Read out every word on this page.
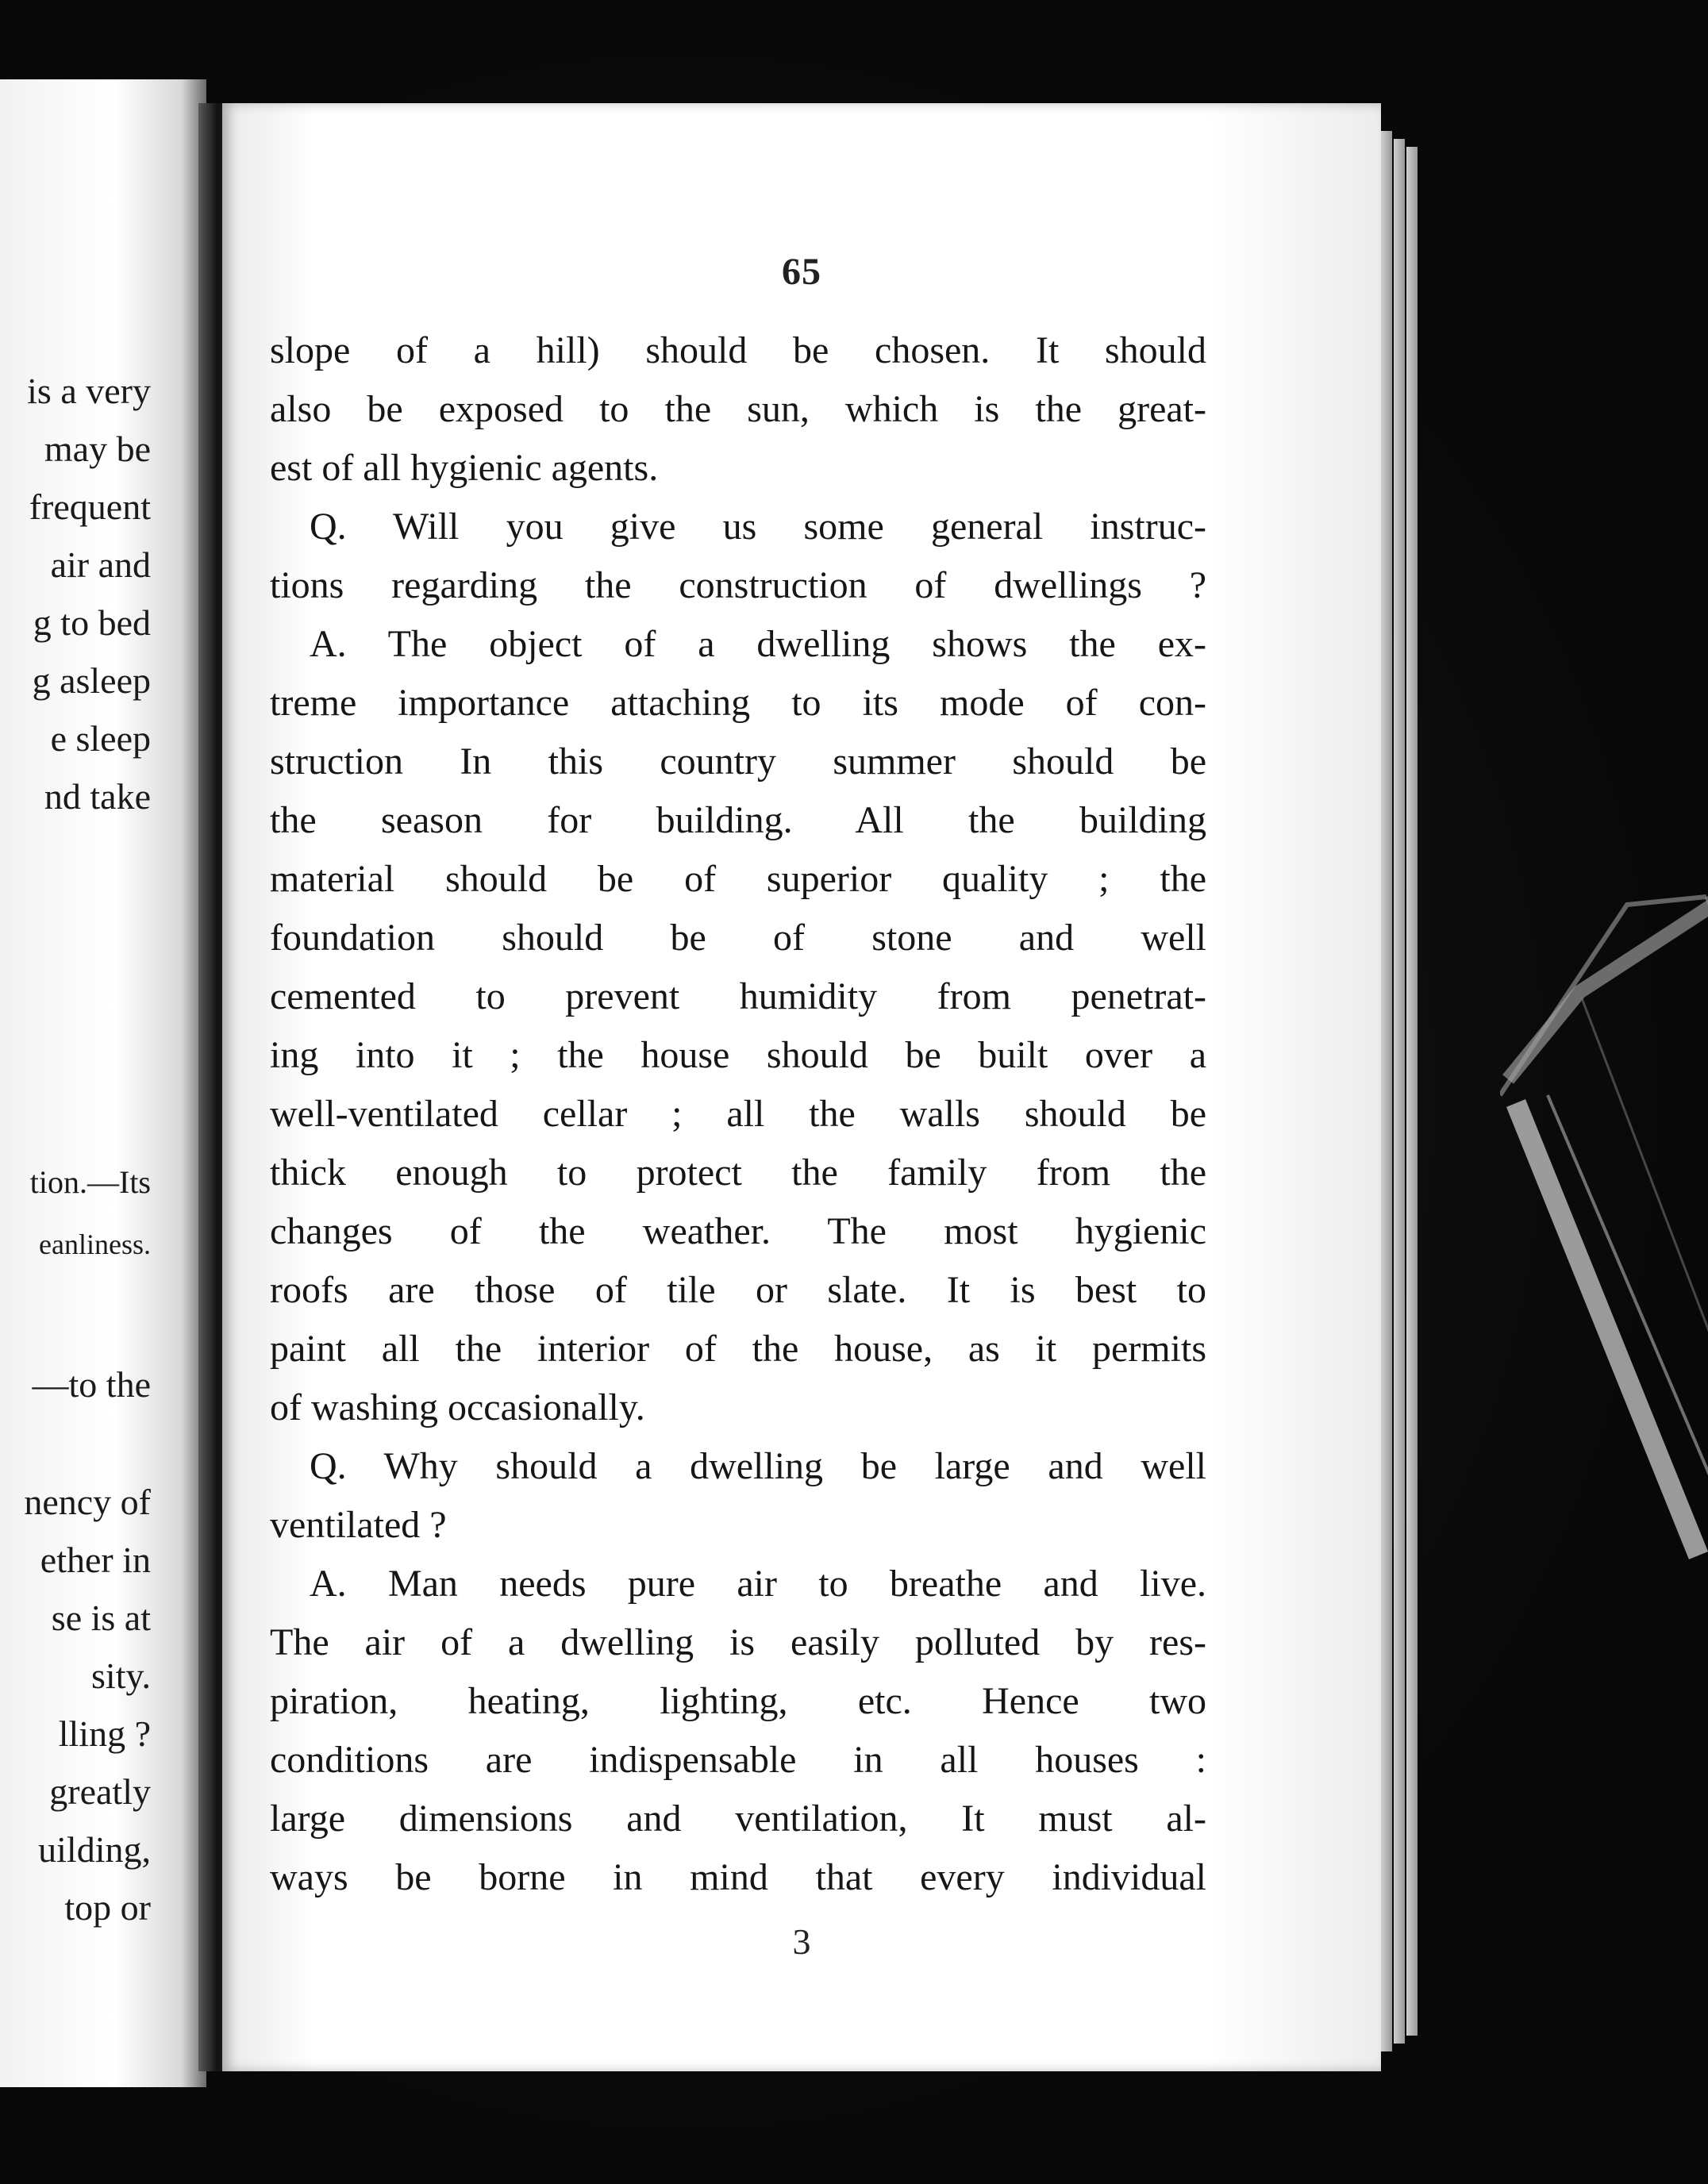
is a very
may be
frequent
air and
g to bed
g asleep
e sleep
nd take
tion.—Its
eanliness.
—to the
nency of
ether in
se is at
sity.
lling ?
greatly
uilding,
top or
65
slope of a hill) should be chosen. It should
also be exposed to the sun, which is the great-
est of all hygienic agents.
Q. Will you give us some general instruc-
tions regarding the construction of dwellings ?
A. The object of a dwelling shows the ex-
treme importance attaching to its mode of con-
struction In this country summer should be
the season for building. All the building
material should be of superior quality ; the
foundation should be of stone and well
cemented to prevent humidity from penetrat-
ing into it ; the house should be built over a
well-ventilated cellar ; all the walls should be
thick enough to protect the family from the
changes of the weather. The most hygienic
roofs are those of tile or slate. It is best to
paint all the interior of the house, as it permits
of washing occasionally.
Q. Why should a dwelling be large and well
ventilated ?
A. Man needs pure air to breathe and live.
The air of a dwelling is easily polluted by res-
piration, heating, lighting, etc. Hence two
conditions are indispensable in all houses :
large dimensions and ventilation, It must al-
ways be borne in mind that every individual
3
